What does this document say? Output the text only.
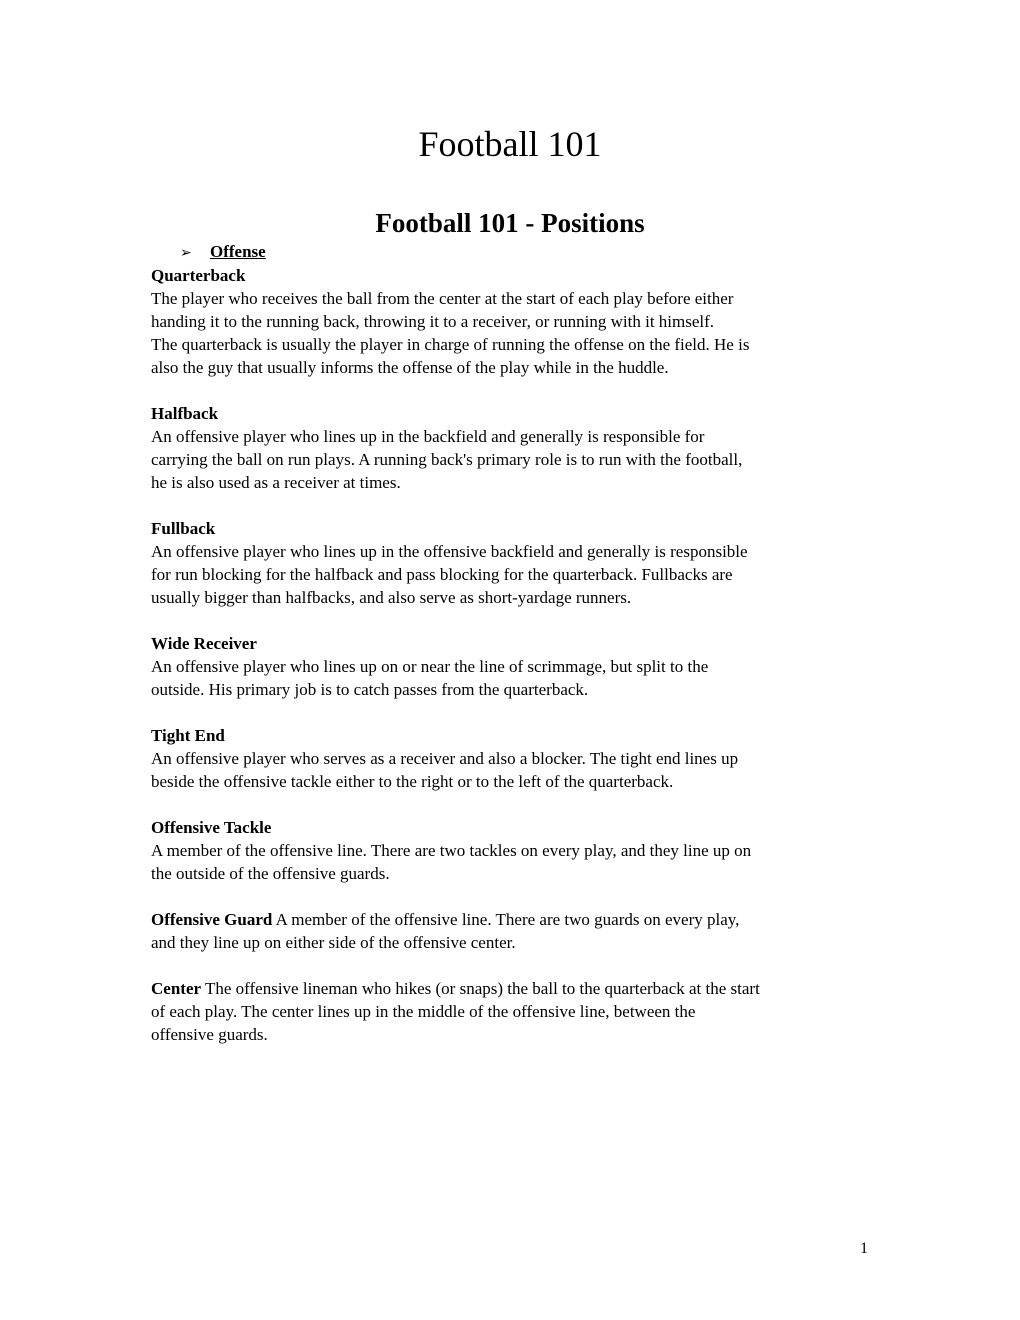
Football 101
Football 101 - Positions
➢ Offense
Quarterback
The player who receives the ball from the center at the start of each play before either
handing it to the running back, throwing it to a receiver, or running with it himself.
The quarterback is usually the player in charge of running the offense on the field. He is
also the guy that usually informs the offense of the play while in the huddle.
Halfback
An offensive player who lines up in the backfield and generally is responsible for
carrying the ball on run plays. A running back's primary role is to run with the football,
he is also used as a receiver at times.
Fullback
An offensive player who lines up in the offensive backfield and generally is responsible
for run blocking for the halfback and pass blocking for the quarterback. Fullbacks are
usually bigger than halfbacks, and also serve as short-yardage runners.
Wide Receiver
An offensive player who lines up on or near the line of scrimmage, but split to the
outside. His primary job is to catch passes from the quarterback.
Tight End
An offensive player who serves as a receiver and also a blocker. The tight end lines up
beside the offensive tackle either to the right or to the left of the quarterback.
Offensive Tackle
A member of the offensive line. There are two tackles on every play, and they line up on
the outside of the offensive guards.
Offensive Guard A member of the offensive line. There are two guards on every play,
and they line up on either side of the offensive center.
Center The offensive lineman who hikes (or snaps) the ball to the quarterback at the start
of each play. The center lines up in the middle of the offensive line, between the
offensive guards.
1
